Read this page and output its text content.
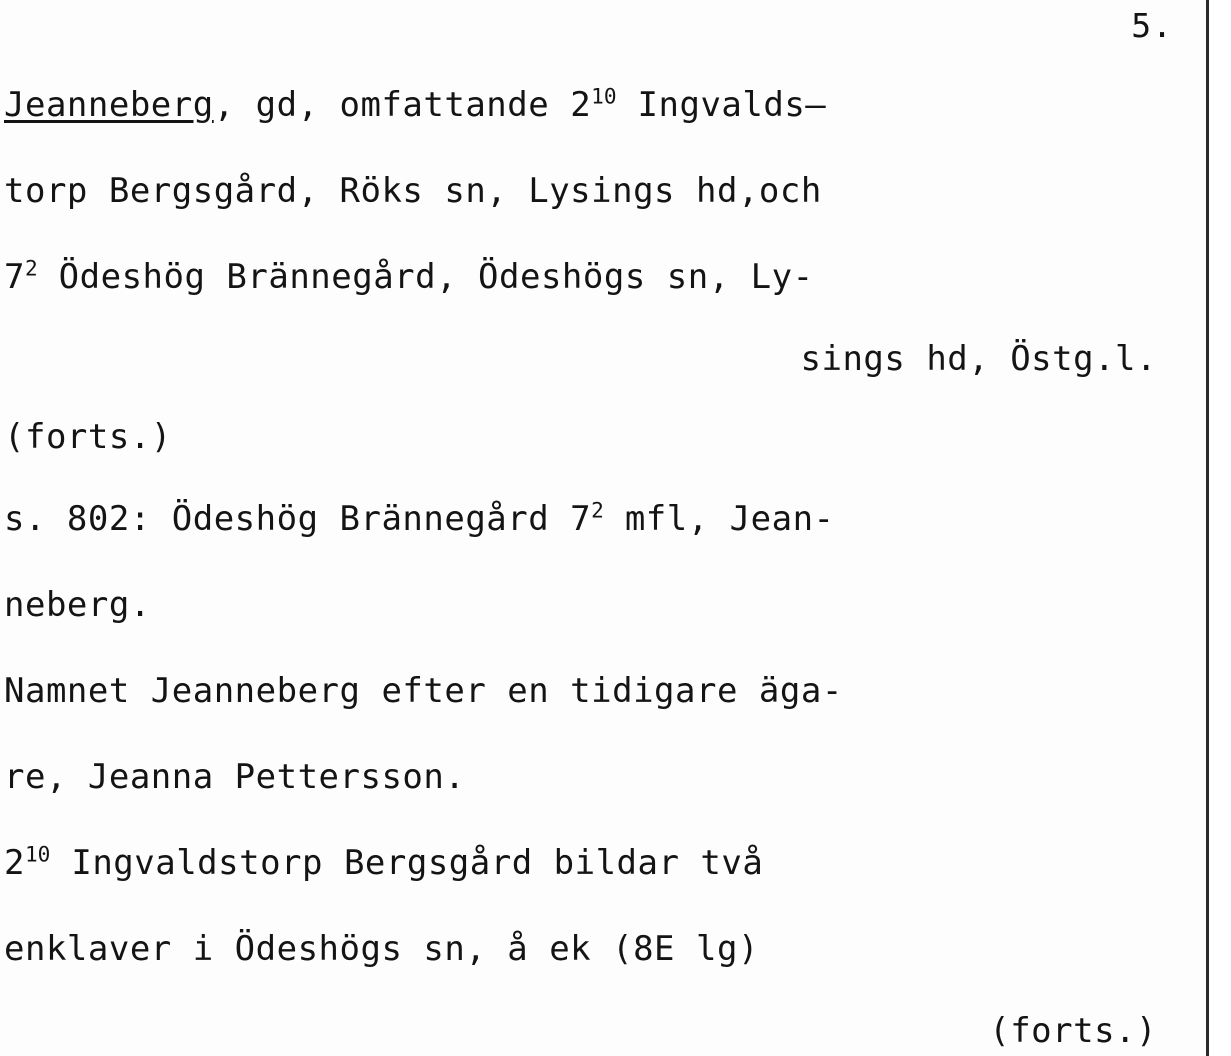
5.
Jeanneberg, gd, omfattande $2^{10}$ Ingvalds—
torp Bergsgård, Röks sn, Lysings hd,och
$7^2$ Ödeshög Brännegård, Ödeshögs sn, Ly-
sings hd, Östg.l.
(forts.)
s. 802: Ödeshög Brännegård $7^2$ mfl, Jean-
neberg.
Namnet Jeanneberg efter en tidigare äga-
re, Jeanna Pettersson.
$2^{10}$ Ingvaldstorp Bergsgård bildar två
enklaver i Ödeshögs sn, å ek (8E lg)
(forts.)
